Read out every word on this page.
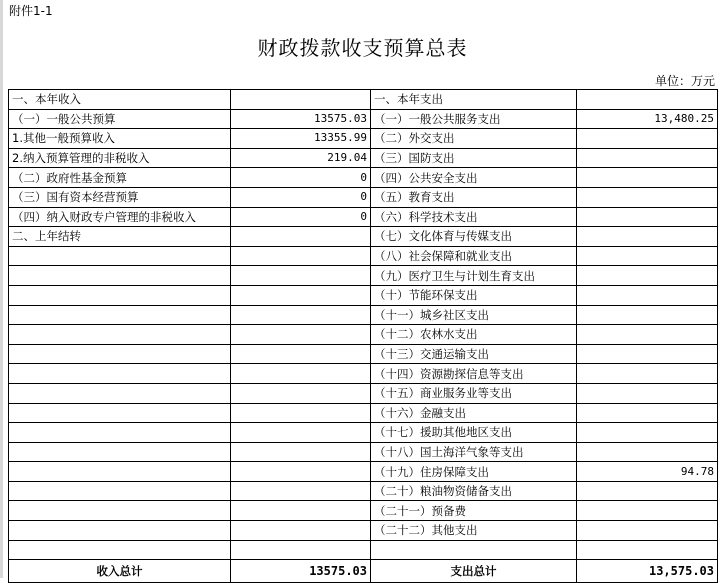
附件1-1
财政拨款收支预算总表
单位：万元
一、本年收入		一、本年支出	
（一）一般公共预算	13575.03	（一）一般公共服务支出	13,480.25
1.其他一般预算收入	13355.99	（二）外交支出	
2.纳入预算管理的非税收入	219.04	（三）国防支出	
（二）政府性基金预算	0	（四）公共安全支出	
（三）国有资本经营预算	0	（五）教育支出	
（四）纳入财政专户管理的非税收入	0	（六）科学技术支出	
二、上年结转		（七）文化体育与传媒支出	
		（八）社会保障和就业支出	
		（九）医疗卫生与计划生育支出	
		（十）节能环保支出	
		（十一）城乡社区支出	
		（十二）农林水支出	
		（十三）交通运输支出	
		（十四）资源勘探信息等支出	
		（十五）商业服务业等支出	
		（十六）金融支出	
		（十七）援助其他地区支出	
		（十八）国土海洋气象等支出	
		（十九）住房保障支出	94.78
		（二十）粮油物资储备支出	
		（二十一）预备费	
		（二十二）其他支出	

收入总计	13575.03	支出总计	13,575.03
